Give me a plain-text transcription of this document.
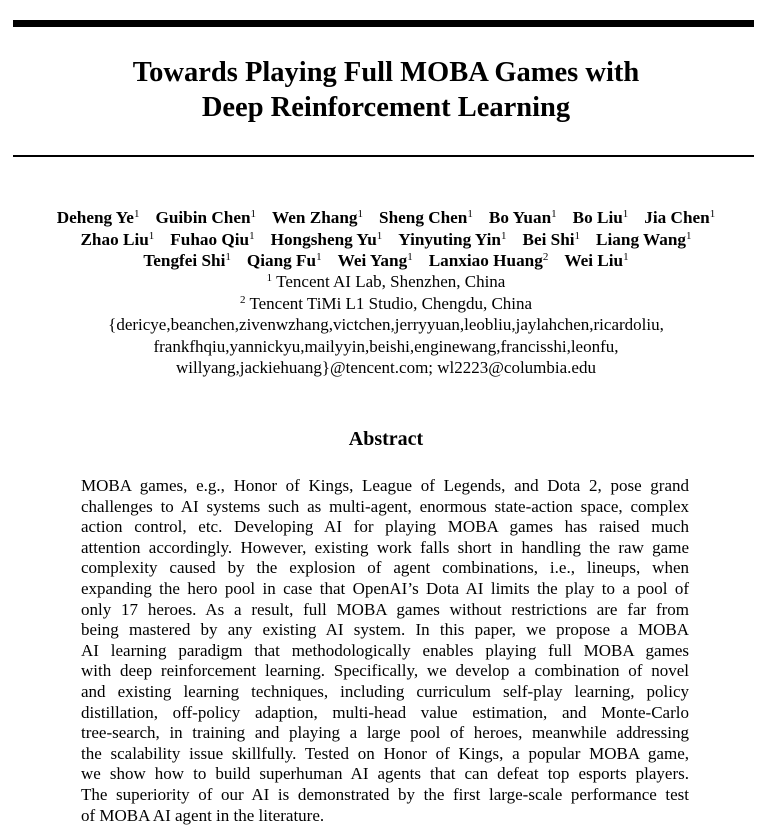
Towards Playing Full MOBA Games with
Deep Reinforcement Learning
Deheng Ye$^1$ Guibin Chen$^1$ Wen Zhang$^1$ Sheng Chen$^1$ Bo Yuan$^1$ Bo Liu$^1$ Jia Chen$^1$
Zhao Liu$^1$ Fuhao Qiu$^1$ Hongsheng Yu$^1$ Yinyuting Yin$^1$ Bei Shi$^1$ Liang Wang$^1$
Tengfei Shi$^1$ Qiang Fu$^1$ Wei Yang$^1$ Lanxiao Huang$^2$ Wei Liu$^1$
$^1$ Tencent AI Lab, Shenzhen, China
$^2$ Tencent TiMi L1 Studio, Chengdu, China
{dericye,beanchen,zivenwzhang,victchen,jerryyuan,leobliu,jaylahchen,ricardoliu,
frankfhqiu,yannickyu,mailyyin,beishi,enginewang,francisshi,leonfu,
willyang,jackiehuang}@tencent.com; wl2223@columbia.edu
Abstract
MOBA games, e.g., Honor of Kings, League of Legends, and Dota 2, pose grand
challenges to AI systems such as multi-agent, enormous state-action space, complex
action control, etc. Developing AI for playing MOBA games has raised much
attention accordingly. However, existing work falls short in handling the raw game
complexity caused by the explosion of agent combinations, i.e., lineups, when
expanding the hero pool in case that OpenAI’s Dota AI limits the play to a pool of
only 17 heroes. As a result, full MOBA games without restrictions are far from
being mastered by any existing AI system. In this paper, we propose a MOBA
AI learning paradigm that methodologically enables playing full MOBA games
with deep reinforcement learning. Specifically, we develop a combination of novel
and existing learning techniques, including curriculum self-play learning, policy
distillation, off-policy adaption, multi-head value estimation, and Monte-Carlo
tree-search, in training and playing a large pool of heroes, meanwhile addressing
the scalability issue skillfully. Tested on Honor of Kings, a popular MOBA game,
we show how to build superhuman AI agents that can defeat top esports players.
The superiority of our AI is demonstrated by the first large-scale performance test
of MOBA AI agent in the literature.
